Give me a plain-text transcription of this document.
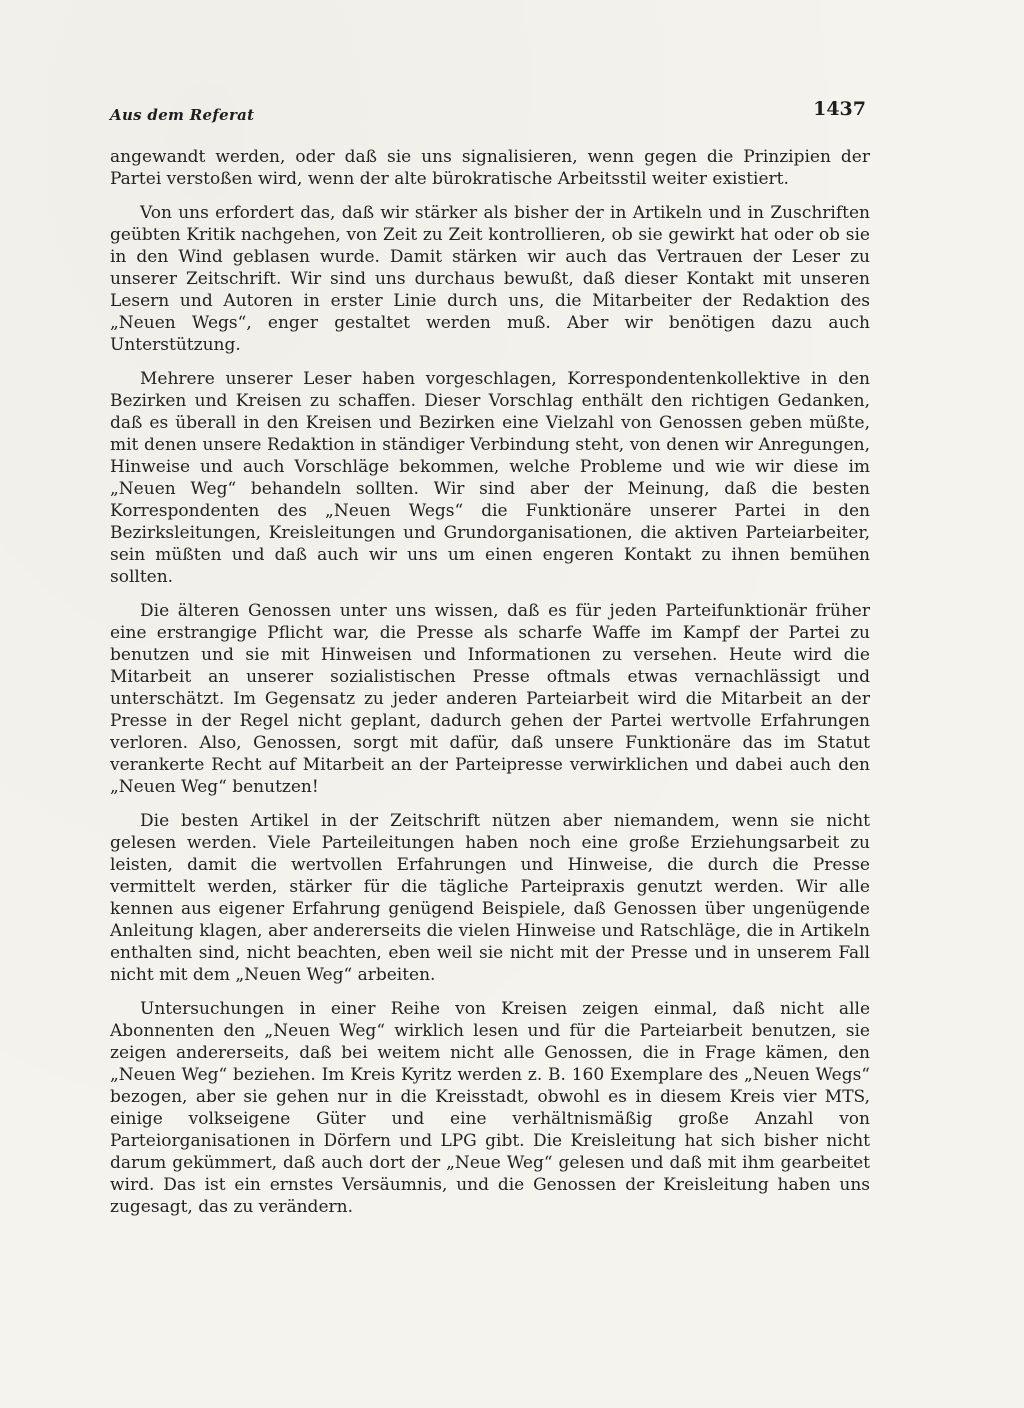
Aus dem Referat	1437

angewandt werden, oder daß sie uns signalisieren, wenn gegen die Prinzipien der Partei verstoßen wird, wenn der alte bürokratische Arbeitsstil weiter existiert.

Von uns erfordert das, daß wir stärker als bisher der in Artikeln und in Zuschriften geübten Kritik nachgehen, von Zeit zu Zeit kontrollieren, ob sie gewirkt hat oder ob sie in den Wind geblasen wurde. Damit stärken wir auch das Vertrauen der Leser zu unserer Zeitschrift. Wir sind uns durchaus bewußt, daß dieser Kontakt mit unseren Lesern und Autoren in erster Linie durch uns, die Mitarbeiter der Redaktion des „Neuen Wegs“, enger gestaltet werden muß. Aber wir benötigen dazu auch Unterstützung.

Mehrere unserer Leser haben vorgeschlagen, Korrespondentenkollektive in den Bezirken und Kreisen zu schaffen. Dieser Vorschlag enthält den richtigen Gedanken, daß es überall in den Kreisen und Bezirken eine Vielzahl von Genossen geben müßte, mit denen unsere Redaktion in ständiger Verbindung steht, von denen wir Anregungen, Hinweise und auch Vorschläge bekommen, welche Probleme und wie wir diese im „Neuen Weg“ behandeln sollten. Wir sind aber der Meinung, daß die besten Korrespondenten des „Neuen Wegs“ die Funktionäre unserer Partei in den Bezirksleitungen, Kreisleitungen und Grundorganisationen, die aktiven Parteiarbeiter, sein müßten und daß auch wir uns um einen engeren Kontakt zu ihnen bemühen sollten.

Die älteren Genossen unter uns wissen, daß es für jeden Parteifunktionär früher eine erstrangige Pflicht war, die Presse als scharfe Waffe im Kampf der Partei zu benutzen und sie mit Hinweisen und Informationen zu versehen. Heute wird die Mitarbeit an unserer sozialistischen Presse oftmals etwas vernachlässigt und unterschätzt. Im Gegensatz zu jeder anderen Parteiarbeit wird die Mitarbeit an der Presse in der Regel nicht geplant, dadurch gehen der Partei wertvolle Erfahrungen verloren. Also, Genossen, sorgt mit dafür, daß unsere Funktionäre das im Statut verankerte Recht auf Mitarbeit an der Parteipresse verwirklichen und dabei auch den „Neuen Weg“ benutzen!

Die besten Artikel in der Zeitschrift nützen aber niemandem, wenn sie nicht gelesen werden. Viele Parteileitungen haben noch eine große Erziehungsarbeit zu leisten, damit die wertvollen Erfahrungen und Hinweise, die durch die Presse vermittelt werden, stärker für die tägliche Parteipraxis genutzt werden. Wir alle kennen aus eigener Erfahrung genügend Beispiele, daß Genossen über ungenügende Anleitung klagen, aber andererseits die vielen Hinweise und Ratschläge, die in Artikeln enthalten sind, nicht beachten, eben weil sie nicht mit der Presse und in unserem Fall nicht mit dem „Neuen Weg“ arbeiten.

Untersuchungen in einer Reihe von Kreisen zeigen einmal, daß nicht alle Abonnenten den „Neuen Weg“ wirklich lesen und für die Parteiarbeit benutzen, sie zeigen andererseits, daß bei weitem nicht alle Genossen, die in Frage kämen, den „Neuen Weg“ beziehen. Im Kreis Kyritz werden z. B. 160 Exemplare des „Neuen Wegs“ bezogen, aber sie gehen nur in die Kreisstadt, obwohl es in diesem Kreis vier MTS, einige volkseigene Güter und eine verhältnismäßig große Anzahl von Parteiorganisationen in Dörfern und LPG gibt. Die Kreisleitung hat sich bisher nicht darum gekümmert, daß auch dort der „Neue Weg“ gelesen und daß mit ihm gearbeitet wird. Das ist ein ernstes Versäumnis, und die Genossen der Kreisleitung haben uns zugesagt, das zu verändern.
